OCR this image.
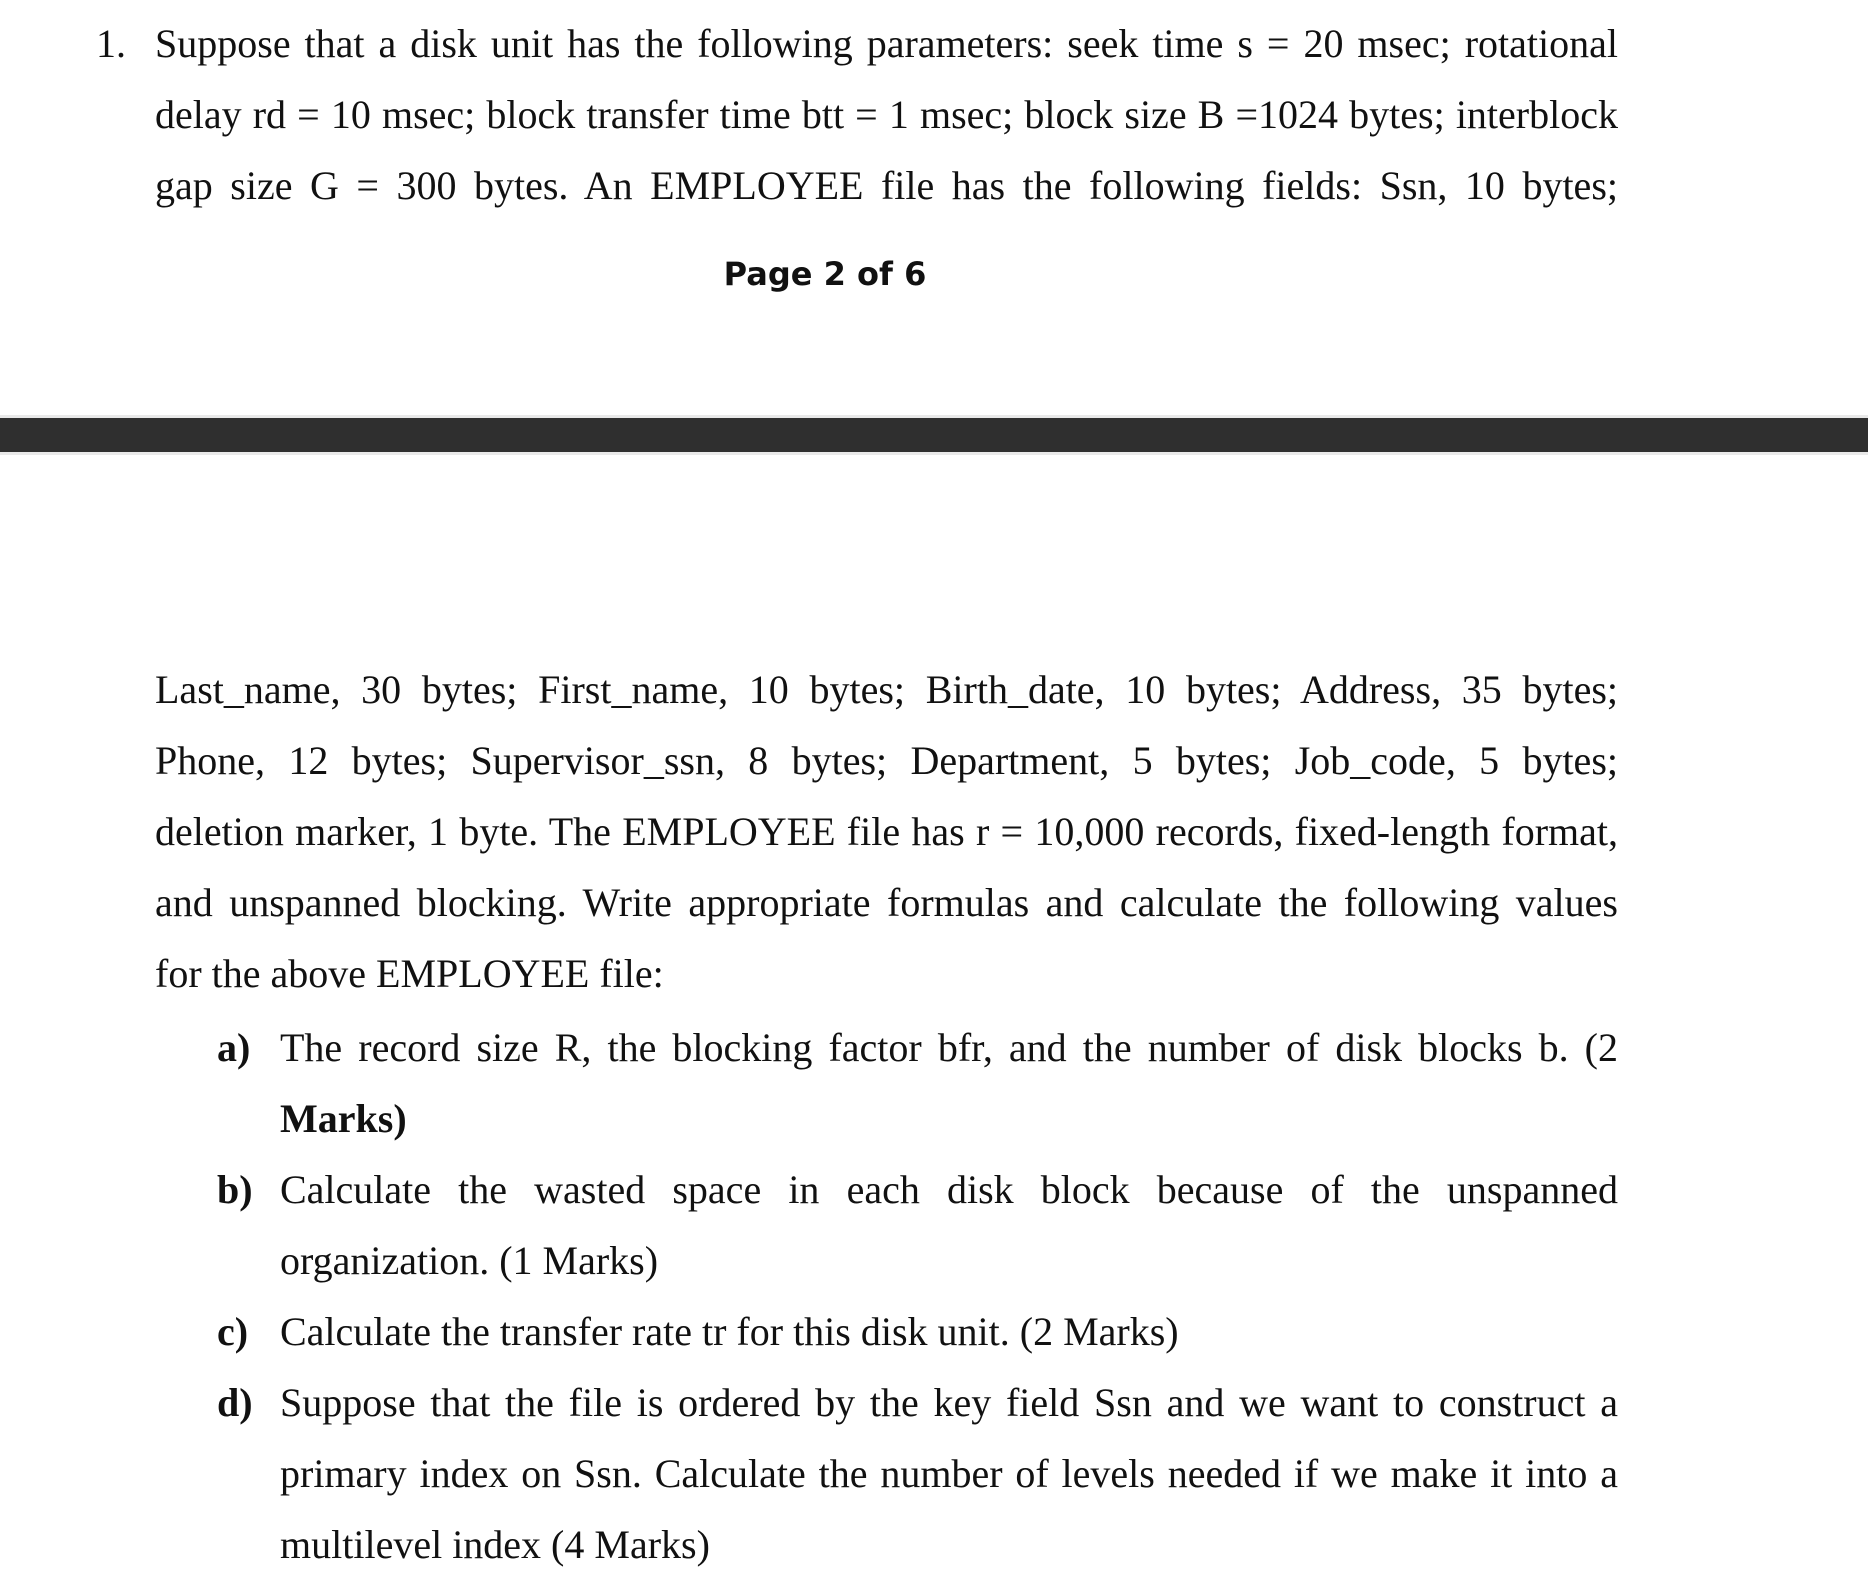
1. Suppose that a disk unit has the following parameters: seek time s = 20 msec; rotational
delay rd = 10 msec; block transfer time btt = 1 msec; block size B =1024 bytes; interblock
gap size G = 300 bytes. An EMPLOYEE file has the following fields: Ssn, 10 bytes;
Page 2 of 6
Last_name, 30 bytes; First_name, 10 bytes; Birth_date, 10 bytes; Address, 35 bytes;
Phone, 12 bytes; Supervisor_ssn, 8 bytes; Department, 5 bytes; Job_code, 5 bytes;
deletion marker, 1 byte. The EMPLOYEE file has r = 10,000 records, fixed-length format,
and unspanned blocking. Write appropriate formulas and calculate the following values
for the above EMPLOYEE file:
a) The record size R, the blocking factor bfr, and the number of disk blocks b. (2
Marks)
b) Calculate the wasted space in each disk block because of the unspanned
organization. (1 Marks)
c) Calculate the transfer rate tr for this disk unit. (2 Marks)
d) Suppose that the file is ordered by the key field Ssn and we want to construct a
primary index on Ssn. Calculate the number of levels needed if we make it into a
multilevel index (4 Marks)
